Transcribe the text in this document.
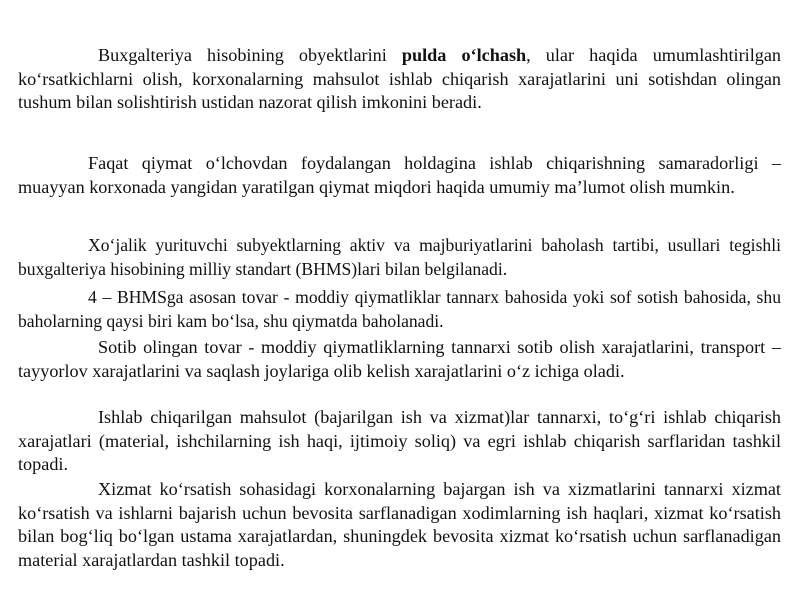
Buxgalteriya hisobining obyektlarini pulda o‘lchash, ular haqida umumlashtirilgan ko‘rsatkichlarni olish, korxonalarning mahsulot ishlab chiqarish xarajatlarini uni sotishdan olingan tushum bilan solishtirish ustidan nazorat qilish imkonini beradi.

Faqat qiymat o‘lchovdan foydalangan holdagina ishlab chiqarishning samaradorligi – muayyan korxonada yangidan yaratilgan qiymat miqdori haqida umumiy ma’lumot olish mumkin.

Xo‘jalik yurituvchi subyektlarning aktiv va majburiyatlarini baholash tartibi, usullari tegishli buxgalteriya hisobining milliy standart (BHMS)lari bilan belgilanadi.

4 – BHMSga asosan tovar - moddiy qiymatliklar tannarx bahosida yoki sof sotish bahosida, shu baholarning qaysi biri kam bo‘lsa, shu qiymatda baholanadi.

Sotib olingan tovar - moddiy qiymatliklarning tannarxi sotib olish xarajatlarini, transport – tayyorlov xarajatlarini va saqlash joylariga olib kelish xarajatlarini o‘z ichiga oladi.

Ishlab chiqarilgan mahsulot (bajarilgan ish va xizmat)lar tannarxi, to‘g‘ri ishlab chiqarish xarajatlari (material, ishchilarning ish haqi, ijtimoiy soliq) va egri ishlab chiqarish sarflaridan tashkil topadi.

Xizmat ko‘rsatish sohasidagi korxonalarning bajargan ish va xizmatlarini tannarxi xizmat ko‘rsatish va ishlarni bajarish uchun bevosita sarflanadigan xodimlarning ish haqlari, xizmat ko‘rsatish bilan bog‘liq bo‘lgan ustama xarajatlardan, shuningdek bevosita xizmat ko‘rsatish uchun sarflanadigan material xarajatlardan tashkil topadi.
